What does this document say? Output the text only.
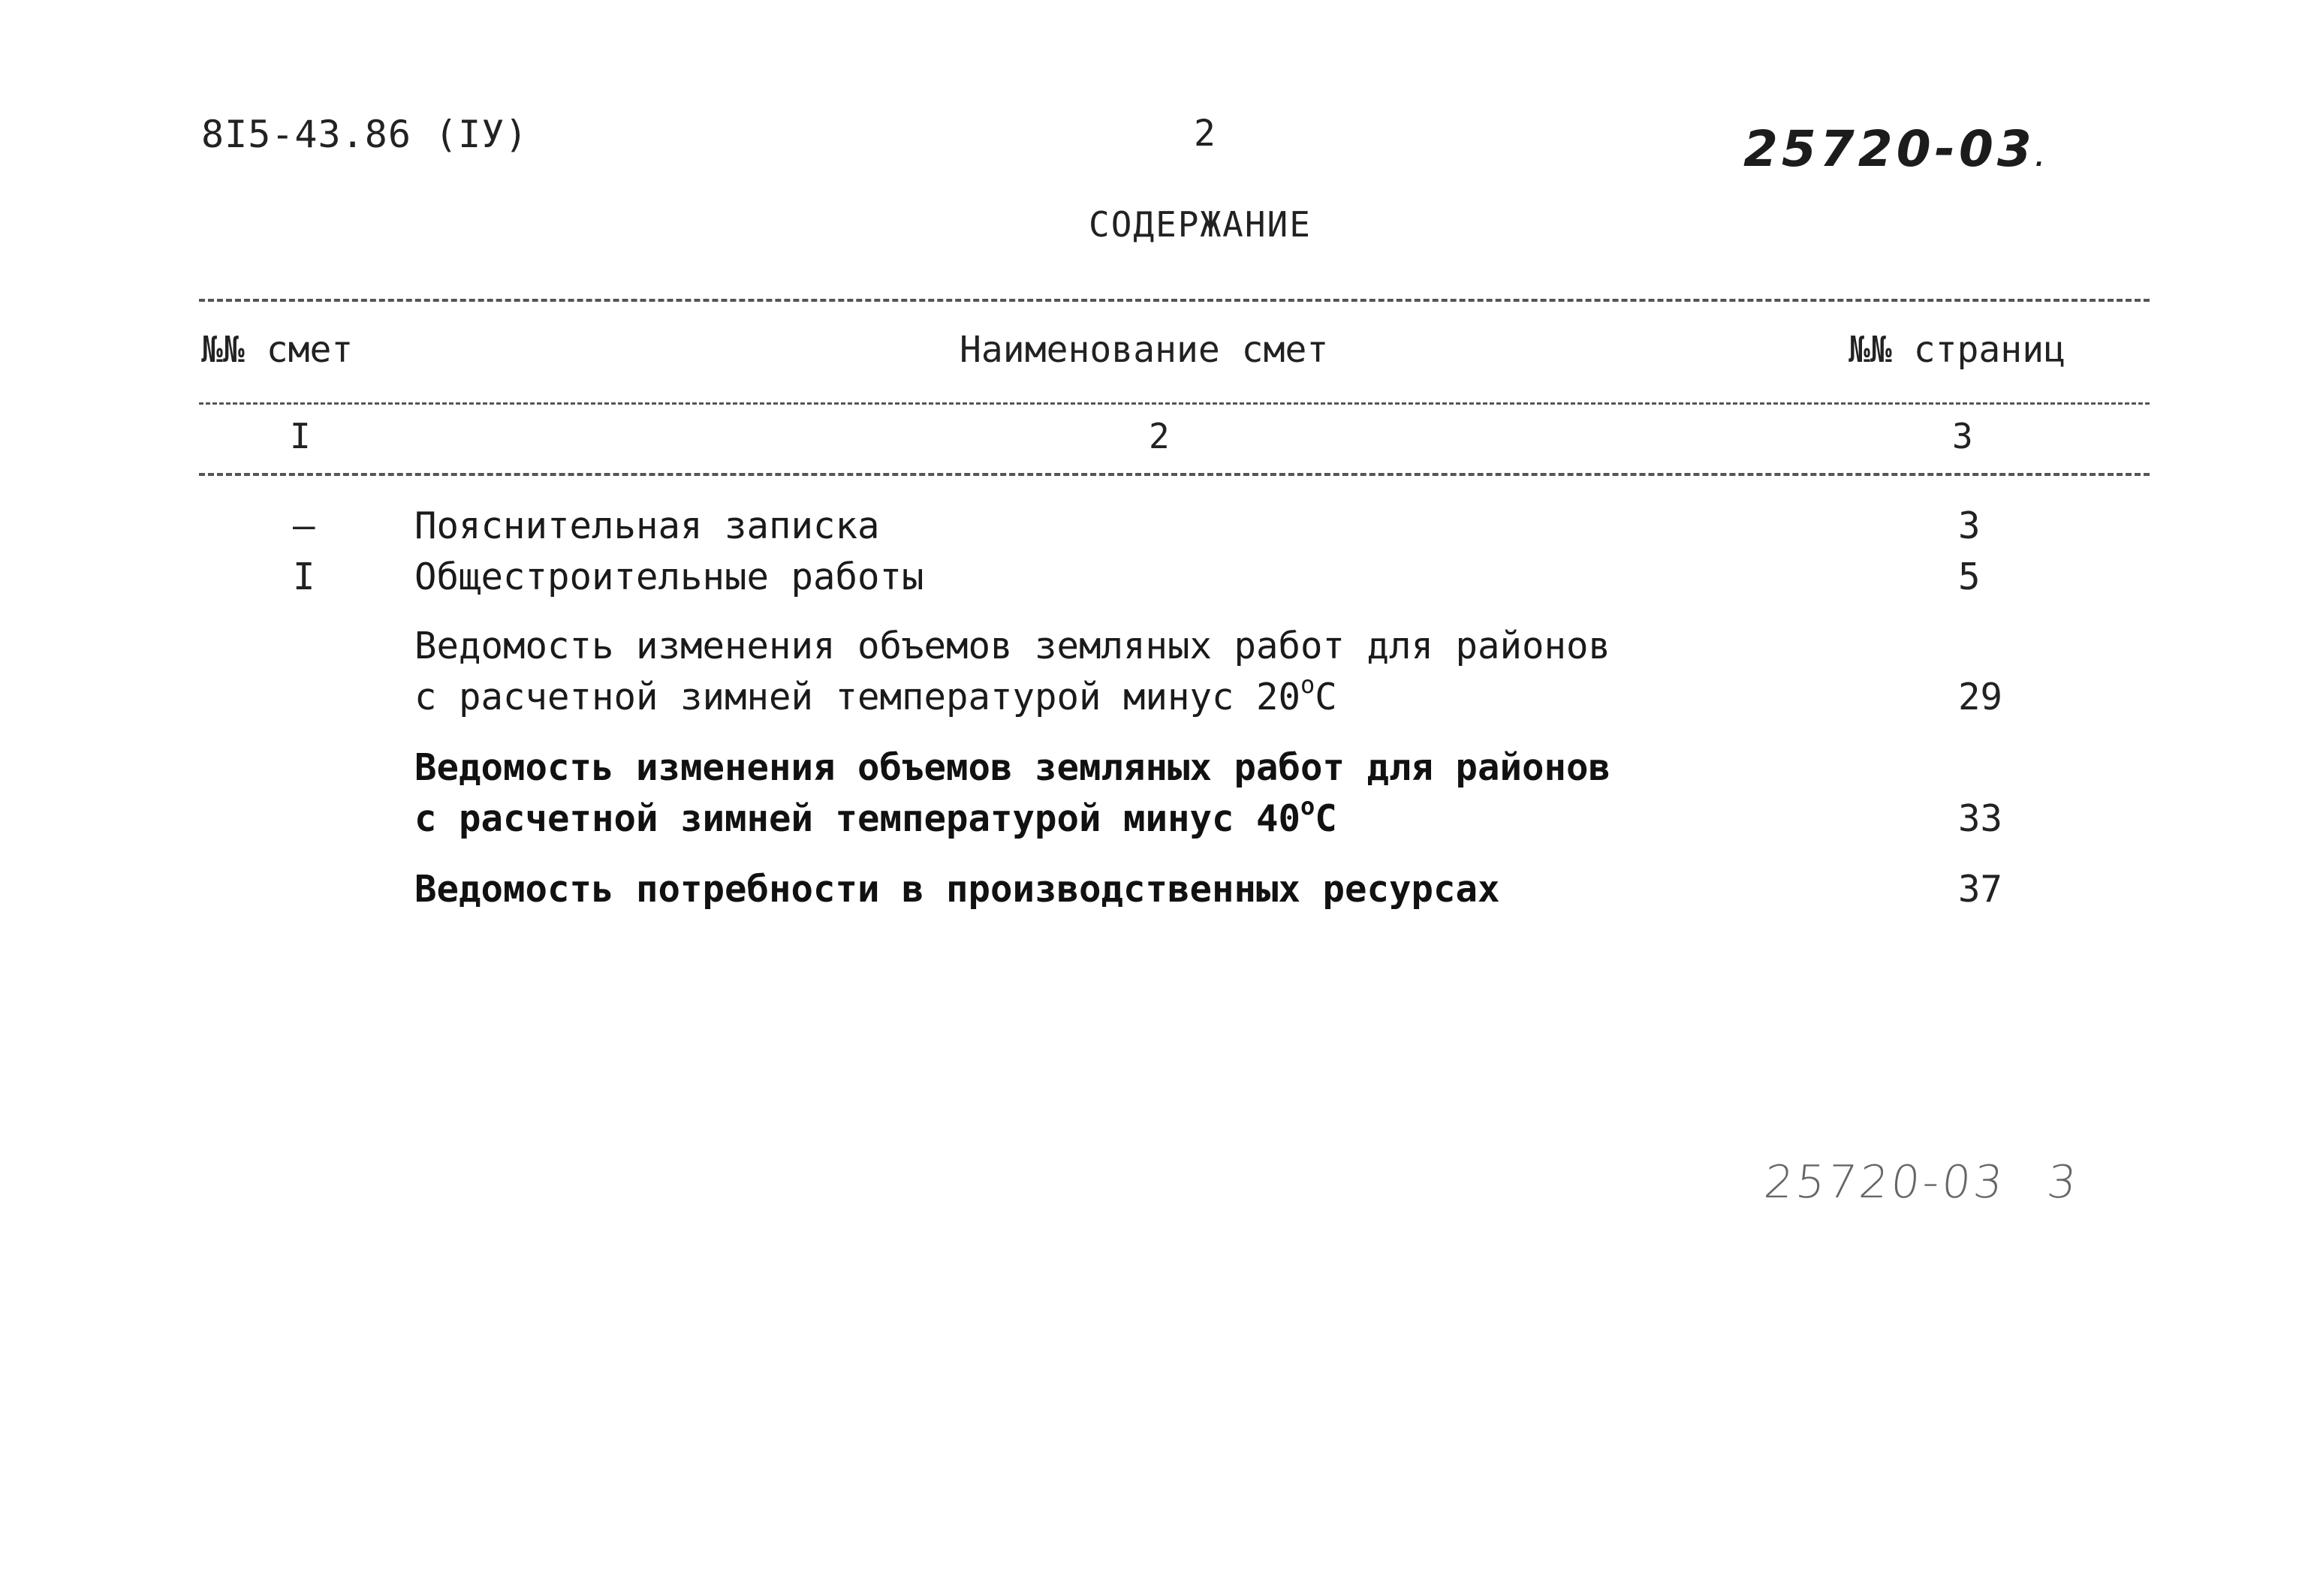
8I5-43.86 (IУ)	2	25720-03.
СОДЕРЖАНИЕ
№№ смет	Наименование смет	№№ страниц
I	2	3
–	Пояснительная записка	3
I	Общестроительные работы	5
Ведомость изменения объемов земляных работ для районов
с расчетной зимней температурой минус $20^оС$	29
Ведомость изменения объемов земляных работ для районов
с расчетной зимней температурой минус $40^оС$	33
Ведомость потребности в производственных ресурсах	37
25720-03 3
